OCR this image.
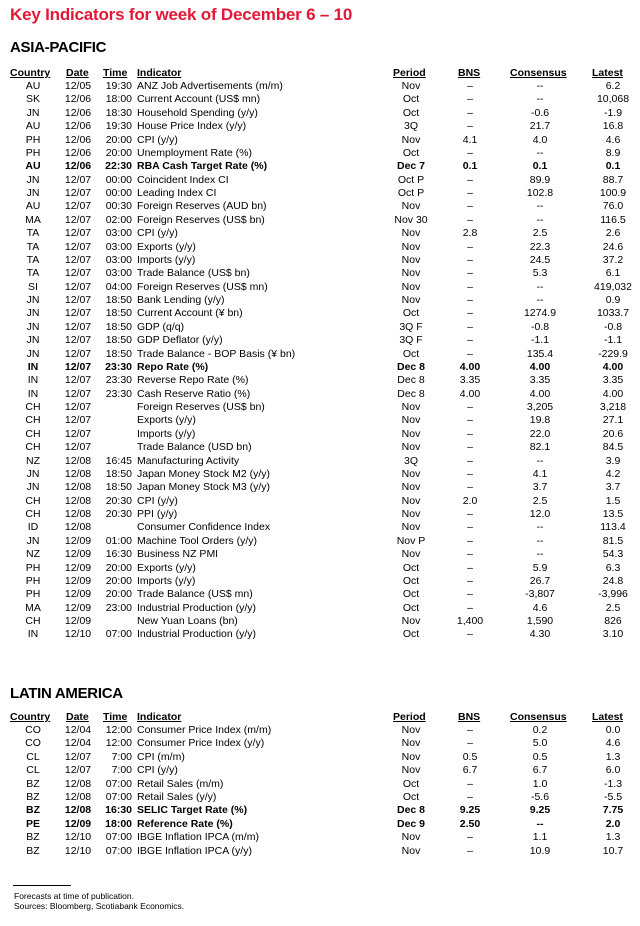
Key Indicators for week of December 6 – 10
ASIA-PACIFIC
Country	Date Time Indicator	Period	BNS	Consensus Latest
AU	12/05	19:30 ANZ Job Advertisements (m/m)	Nov	–	--	6.2
SK	12/06	18:00 Current Account (US$ mn)	Oct	–	--	10,068
JN	12/06	18:30 Household Spending (y/y)	Oct	–	-0.6	-1.9
AU	12/06	19:30 House Price Index (y/y)	3Q	–	21.7	16.8
PH	12/06	20:00 CPI (y/y)	Nov	4.1	4.0	4.6
PH	12/06	20:00 Unemployment Rate (%)	Oct	–	--	8.9
AU	12/06	22:30 RBA Cash Target Rate (%)	Dec 7	0.1	0.1	0.1
JN	12/07	00:00 Coincident Index CI	Oct P	–	89.9	88.7
JN	12/07	00:00 Leading Index CI	Oct P	–	102.8	100.9
AU	12/07	00:30 Foreign Reserves (AUD bn)	Nov	–	--	76.0
MA	12/07	02:00 Foreign Reserves (US$ bn)	Nov 30	–	--	116.5
TA	12/07	03:00 CPI (y/y)	Nov	2.8	2.5	2.6
TA	12/07	03:00 Exports (y/y)	Nov	–	22.3	24.6
TA	12/07	03:00 Imports (y/y)	Nov	–	24.5	37.2
TA	12/07	03:00 Trade Balance (US$ bn)	Nov	–	5.3	6.1
SI	12/07	04:00 Foreign Reserves (US$ mn)	Nov	–	--	419,032
JN	12/07	18:50 Bank Lending (y/y)	Nov	–	--	0.9
JN	12/07	18:50 Current Account (¥ bn)	Oct	–	1274.9	1033.7
JN	12/07	18:50 GDP (q/q)	3Q F	–	-0.8	-0.8
JN	12/07	18:50 GDP Deflator (y/y)	3Q F	–	-1.1	-1.1
JN	12/07	18:50 Trade Balance - BOP Basis (¥ bn)	Oct	–	135.4	-229.9
IN	12/07	23:30 Repo Rate (%)	Dec 8	4.00	4.00	4.00
IN	12/07	23:30 Reverse Repo Rate (%)	Dec 8	3.35	3.35	3.35
IN	12/07	23:30 Cash Reserve Ratio (%)	Dec 8	4.00	4.00	4.00
CH	12/07	Foreign Reserves (US$ bn)	Nov	–	3,205	3,218
CH	12/07	Exports (y/y)	Nov	–	19.8	27.1
CH	12/07	Imports (y/y)	Nov	–	22.0	20.6
CH	12/07	Trade Balance (USD bn)	Nov	–	82.1	84.5
NZ	12/08	16:45 Manufacturing Activity	3Q	–	--	3.9
JN	12/08	18:50 Japan Money Stock M2 (y/y)	Nov	–	4.1	4.2
JN	12/08	18:50 Japan Money Stock M3 (y/y)	Nov	–	3.7	3.7
CH	12/08	20:30 CPI (y/y)	Nov	2.0	2.5	1.5
CH	12/08	20:30 PPI (y/y)	Nov	–	12.0	13.5
ID	12/08	Consumer Confidence Index	Nov	–	--	113.4
JN	12/09	01:00 Machine Tool Orders (y/y)	Nov P	–	--	81.5
NZ	12/09	16:30 Business NZ PMI	Nov	–	--	54.3
PH	12/09	20:00 Exports (y/y)	Oct	–	5.9	6.3
PH	12/09	20:00 Imports (y/y)	Oct	–	26.7	24.8
PH	12/09	20:00 Trade Balance (US$ mn)	Oct	–	-3,807	-3,996
MA	12/09	23:00 Industrial Production (y/y)	Oct	–	4.6	2.5
CH	12/09	New Yuan Loans (bn)	Nov	1,400	1,590	826
IN	12/10	07:00 Industrial Production (y/y)	Oct	–	4.30	3.10
LATIN AMERICA
Country	Date Time Indicator	Period	BNS	Consensus Latest
CO	12/04	12:00 Consumer Price Index (m/m)	Nov	–	0.2	0.0
CO	12/04	12:00 Consumer Price Index (y/y)	Nov	–	5.0	4.6
CL	12/07	7:00 CPI (m/m)	Nov	0.5	0.5	1.3
CL	12/07	7:00 CPI (y/y)	Nov	6.7	6.7	6.0
BZ	12/08	07:00 Retail Sales (m/m)	Oct	–	1.0	-1.3
BZ	12/08	07:00 Retail Sales (y/y)	Oct	–	-5.6	-5.5
BZ	12/08	16:30 SELIC Target Rate (%)	Dec 8	9.25	9.25	7.75
PE	12/09	18:00 Reference Rate (%)	Dec 9	2.50	--	2.0
BZ	12/10	07:00 IBGE Inflation IPCA (m/m)	Nov	–	1.1	1.3
BZ	12/10	07:00 IBGE Inflation IPCA (y/y)	Nov	–	10.9	10.7
Forecasts at time of publication.
Sources: Bloomberg, Scotiabank Economics.
